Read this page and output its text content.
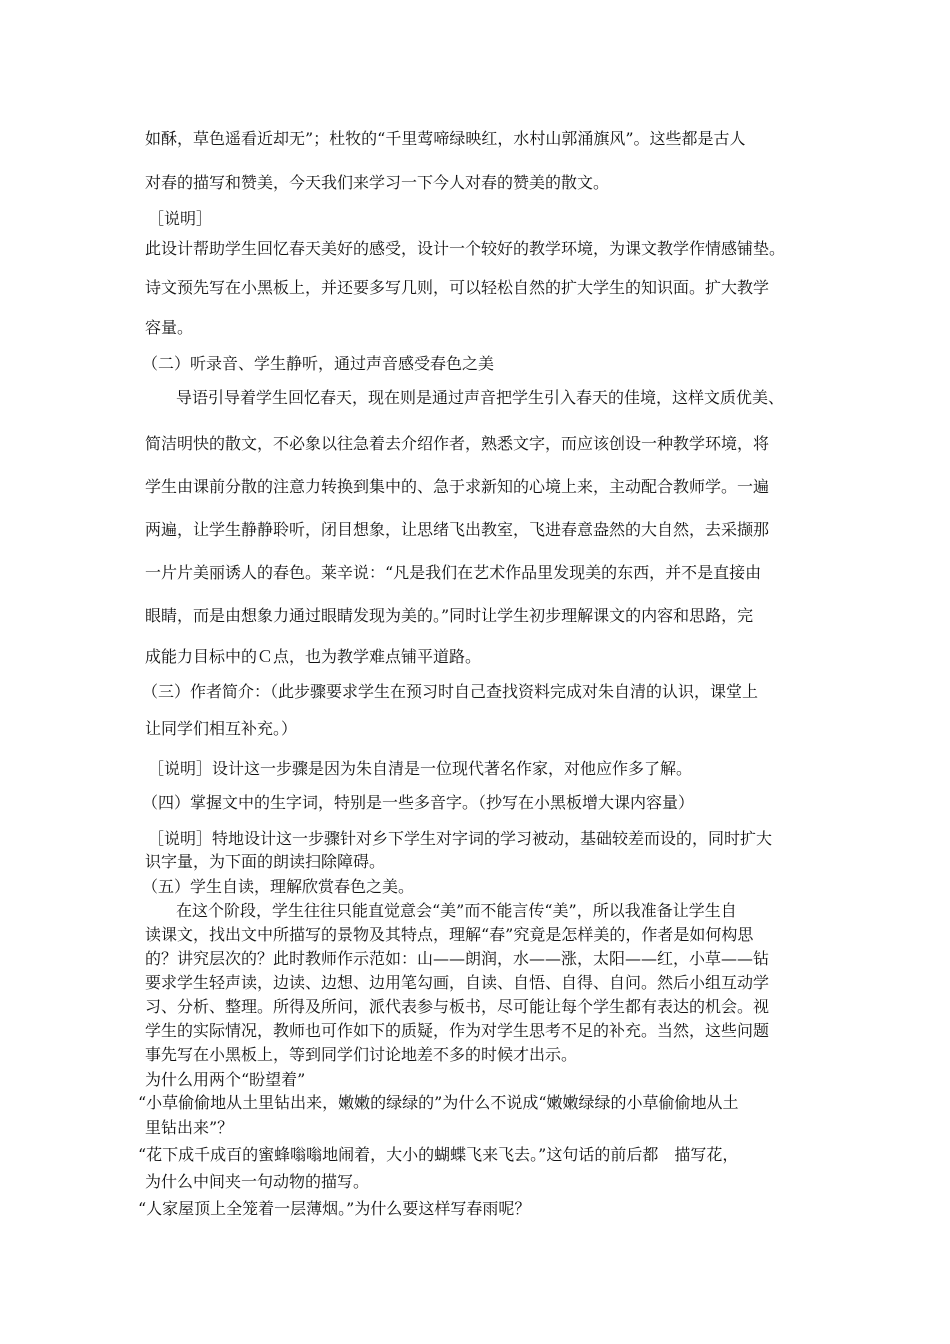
如酥，草色遥看近却无”；杜牧的“千里莺啼绿映红，水村山郭涌旗风”。这些都是古人
对春的描写和赞美，今天我们来学习一下今人对春的赞美的散文。
［说明］
此设计帮助学生回忆春天美好的感受，设计一个较好的教学环境，为课文教学作情感铺垫。
诗文预先写在小黑板上，并还要多写几则，可以轻松自然的扩大学生的知识面。扩大教学
容量。
（二）听录音、学生静听，通过声音感受春色之美
导语引导着学生回忆春天，现在则是通过声音把学生引入春天的佳境，这样文质优美、
简洁明快的散文，不必象以往急着去介绍作者，熟悉文字，而应该创设一种教学环境，将
学生由课前分散的注意力转换到集中的、急于求新知的心境上来，主动配合教师学。一遍
两遍，让学生静静聆听，闭目想象，让思绪飞出教室，飞进春意盎然的大自然，去采撷那
一片片美丽诱人的春色。莱辛说：“凡是我们在艺术作品里发现美的东西，并不是直接由
眼睛，而是由想象力通过眼睛发现为美的。”同时让学生初步理解课文的内容和思路，完
成能力目标中的Ｃ点，也为教学难点铺平道路。
（三）作者简介：（此步骤要求学生在预习时自己查找资料完成对朱自清的认识，课堂上
让同学们相互补充。）
［说明］设计这一步骤是因为朱自清是一位现代著名作家，对他应作多了解。
（四）掌握文中的生字词，特别是一些多音字。（抄写在小黑板增大课内容量）
［说明］特地设计这一步骤针对乡下学生对字词的学习被动，基础较差而设的，同时扩大
识字量，为下面的朗读扫除障碍。
（五）学生自读，理解欣赏春色之美。
在这个阶段，学生往往只能直觉意会“美”而不能言传“美”，所以我准备让学生自
读课文，找出文中所描写的景物及其特点，理解“春”究竟是怎样美的，作者是如何构思
的？讲究层次的？此时教师作示范如：山——朗润，水——涨，太阳——红，小草——钻
要求学生轻声读，边读、边想、边用笔勾画，自读、自悟、自得、自问。然后小组互动学
习、分析、整理。所得及所问，派代表参与板书，尽可能让每个学生都有表达的机会。视
学生的实际情况，教师也可作如下的质疑，作为对学生思考不足的补充。当然，这些问题
事先写在小黑板上，等到同学们讨论地差不多的时候才出示。
为什么用两个“盼望着”
“小草偷偷地从土里钻出来，嫩嫩的绿绿的”为什么不说成“嫩嫩绿绿的小草偷偷地从土
里钻出来”？
“花下成千成百的蜜蜂嗡嗡地闹着，大小的蝴蝶飞来飞去。”这句话的前后都　描写花，
为什么中间夹一句动物的描写。
“人家屋顶上全笼着一层薄烟。”为什么要这样写春雨呢？
